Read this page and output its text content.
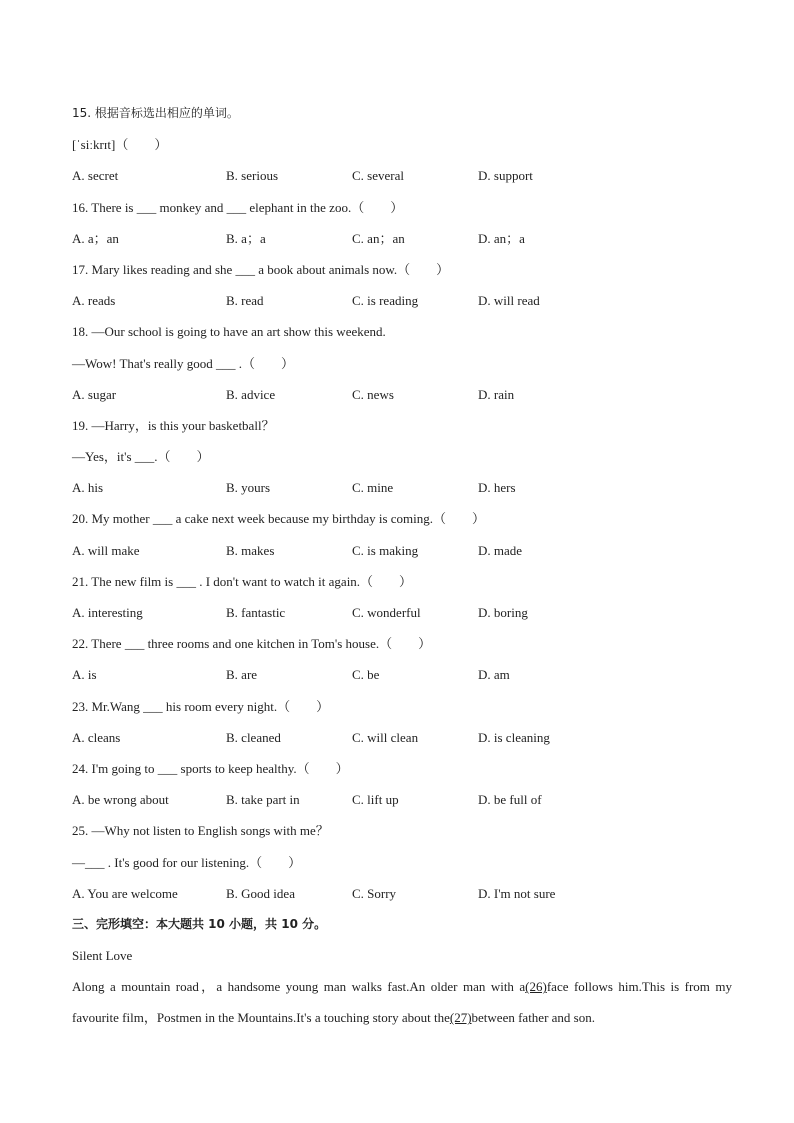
15. 根据音标选出相应的单词。
[ˈsiːkrɪt]（　　）
A. secret	B. serious	C. several	D. support
16. There is ___ monkey and ___ elephant in the zoo.（　　）
A. a；an	B. a；a	C. an；an	D. an；a
17. Mary likes reading and she ___ a book about animals now.（　　）
A. reads	B. read	C. is reading	D. will read
18. —Our school is going to have an art show this weekend.
—Wow! That's really good ___ .（　　）
A. sugar	B. advice	C. news	D. rain
19. —Harry，is this your basketball？
—Yes，it's ___.（　　）
A. his	B. yours	C. mine	D. hers
20. My mother ___ a cake next week because my birthday is coming.（　　）
A. will make	B. makes	C. is making	D. made
21. The new film is ___ . I don't want to watch it again.（　　）
A. interesting	B. fantastic	C. wonderful	D. boring
22. There ___ three rooms and one kitchen in Tom's house.（　　）
A. is	B. are	C. be	D. am
23. Mr.Wang ___ his room every night.（　　）
A. cleans	B. cleaned	C. will clean	D. is cleaning
24. I'm going to ___ sports to keep healthy.（　　）
A. be wrong about	B. take part in	C. lift up	D. be full of
25. —Why not listen to English songs with me？
—___ . It's good for our listening.（　　）
A. You are welcome	B. Good idea	C. Sorry	D. I'm not sure
三、完形填空：本大题共 10 小题，共 10 分。
Silent Love
Along a mountain road，a handsome young man walks fast.An older man with a(26)face follows him.This is from my favourite film，Postmen in the Mountains.It's a touching story about the(27)between father and son.
